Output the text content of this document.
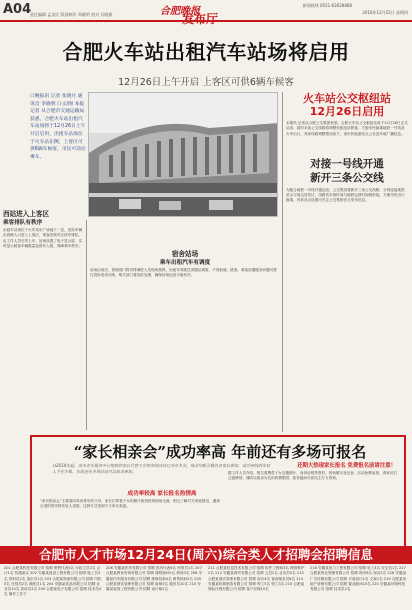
A04
责任编辑 孟良民 版面制作 周晓明 校对 吴晓燕	合肥晚报
发布厅
新闻热线 0551-63628888
2016年12月22日 星期四
合肥火车站出租汽车站场将启用
12月26日上午开启 上客区可供6辆车候客
口晚报讯 记者 张晓月 通讯员 李晓明 口文/图 本报记者 从合肥市交通运输局获悉，合肥火车站出租汽车站场将于12月26日上午开启启用，出租车站场位于火车站东侧，上客区可供6辆车候客，市民可前往乘车。
西站进入上客区
乘客排队有秩序
出租车站场位于火车站东广场地下一层，进站车辆由西侧入口进入上客区，乘客在候车区按序排队，由工作人员引导上车，站场设置了电子显示屏，实时显示候客车辆数量及候车人数，保障乘车秩序。
宿舍站场
乘车出租汽车有调度
站场启用后，管理部门将安排调度人员现场指挥，出租车驾驶员须服从调度，不得拒载、挑客，乘客如遇服务问题可拨打投诉电话反映，相关部门将及时处理，确保站场运营平稳有序。
火车站公交枢纽站
12月26日启用
本报讯 记者从合肥公交集团获悉，合肥火车站公交枢纽站将于12月26日正式启用，届时多条公交线路将调整至枢纽站停靠，方便市民换乘地铁一号线及火车出行，具体线路调整情况如下，请市民留意站点公告及车载广播信息。
对接一号线开通
新开三条公交线
为配合地铁一号线开通运营，公交集团将新开三条公交线路，分别连接地铁站点与周边居民区，线路首末班时间与地铁运营时间相衔接，方便市民出行换乘，具体站点设置可关注公交集团官方发布信息。
“家长相亲会”成功率高 年前还有多场可报名
自2014年起，由市老年服务中心组织的家长代替子女相亲的活动已举办多次，每次均吸引数百名家长参加，成功牵线的年轻人不在少数。年前还有多场活动可以报名参加。
还期大热现家长报名 免费报名前请注意！
成功率较高 家长报名热情高
“家长相亲会”主要面向单身青年的父母，家长们带着子女的照片和资料到现场交流，相互了解对方家庭情况，遇到合适的再安排年轻人见面，这种方式受到不少家长欢迎。
据工作人员介绍，报名需携带子女近期照片、身份证明等资料，现场填写登记表，活动免费参加，请家长们注意辨别，谨防以相亲为名的收费陷阱，如有疑问可致电主办方咨询。
合肥市人才市场12月24日(周六)综合类人才招聘会招聘信息
201 合肥某科技有限公司 招聘 销售代表5名 行政文员2名 会计1名 待遇面议 202 安徽某建设工程有限公司 招聘 施工员3名 资料员2名 造价员1名 203 合肥某物流有限公司 招聘 司机5名 仓管员2名 调度员1名 204 安徽某食品有限公司 招聘 业务员10名 质检员2名 205 合肥某电子有限公司 招聘 技术员4名 操作工若干
206 安徽某医药有限公司 招聘 医药代表6名 库管员1名 207 合肥某教育咨询有限公司 招聘 课程顾问5名 教师3名 208 安徽某汽车服务有限公司 招聘 维修技师4名 销售顾问5名 209 合肥某餐饮管理有限公司 招聘 厨师3名 服务员10名 210 安徽某装饰工程有限公司 招聘 设计师2名
211 合肥某信息技术有限公司 招聘 软件工程师3名 网络维护2名 212 安徽某商贸有限公司 招聘 文员2名 业务员5名 213 合肥某酒店管理有限公司 招聘 前台4名 客房服务员6名 214 安徽某机械制造有限公司 招聘 焊工5名 钳工3名 215 合肥某保险代理有限公司 招聘 客户经理10名
216 安徽某电力工程有限公司 招聘 电工4名 安全员1名 217 合肥某物业管理有限公司 招聘 保安8名 保洁5名 218 安徽某广告传媒有限公司 招聘 平面设计2名 文案1名 219 合肥某房地产营销有限公司 招聘 置业顾问10名 220 安徽某环保科技有限公司 招聘 技术员2名
